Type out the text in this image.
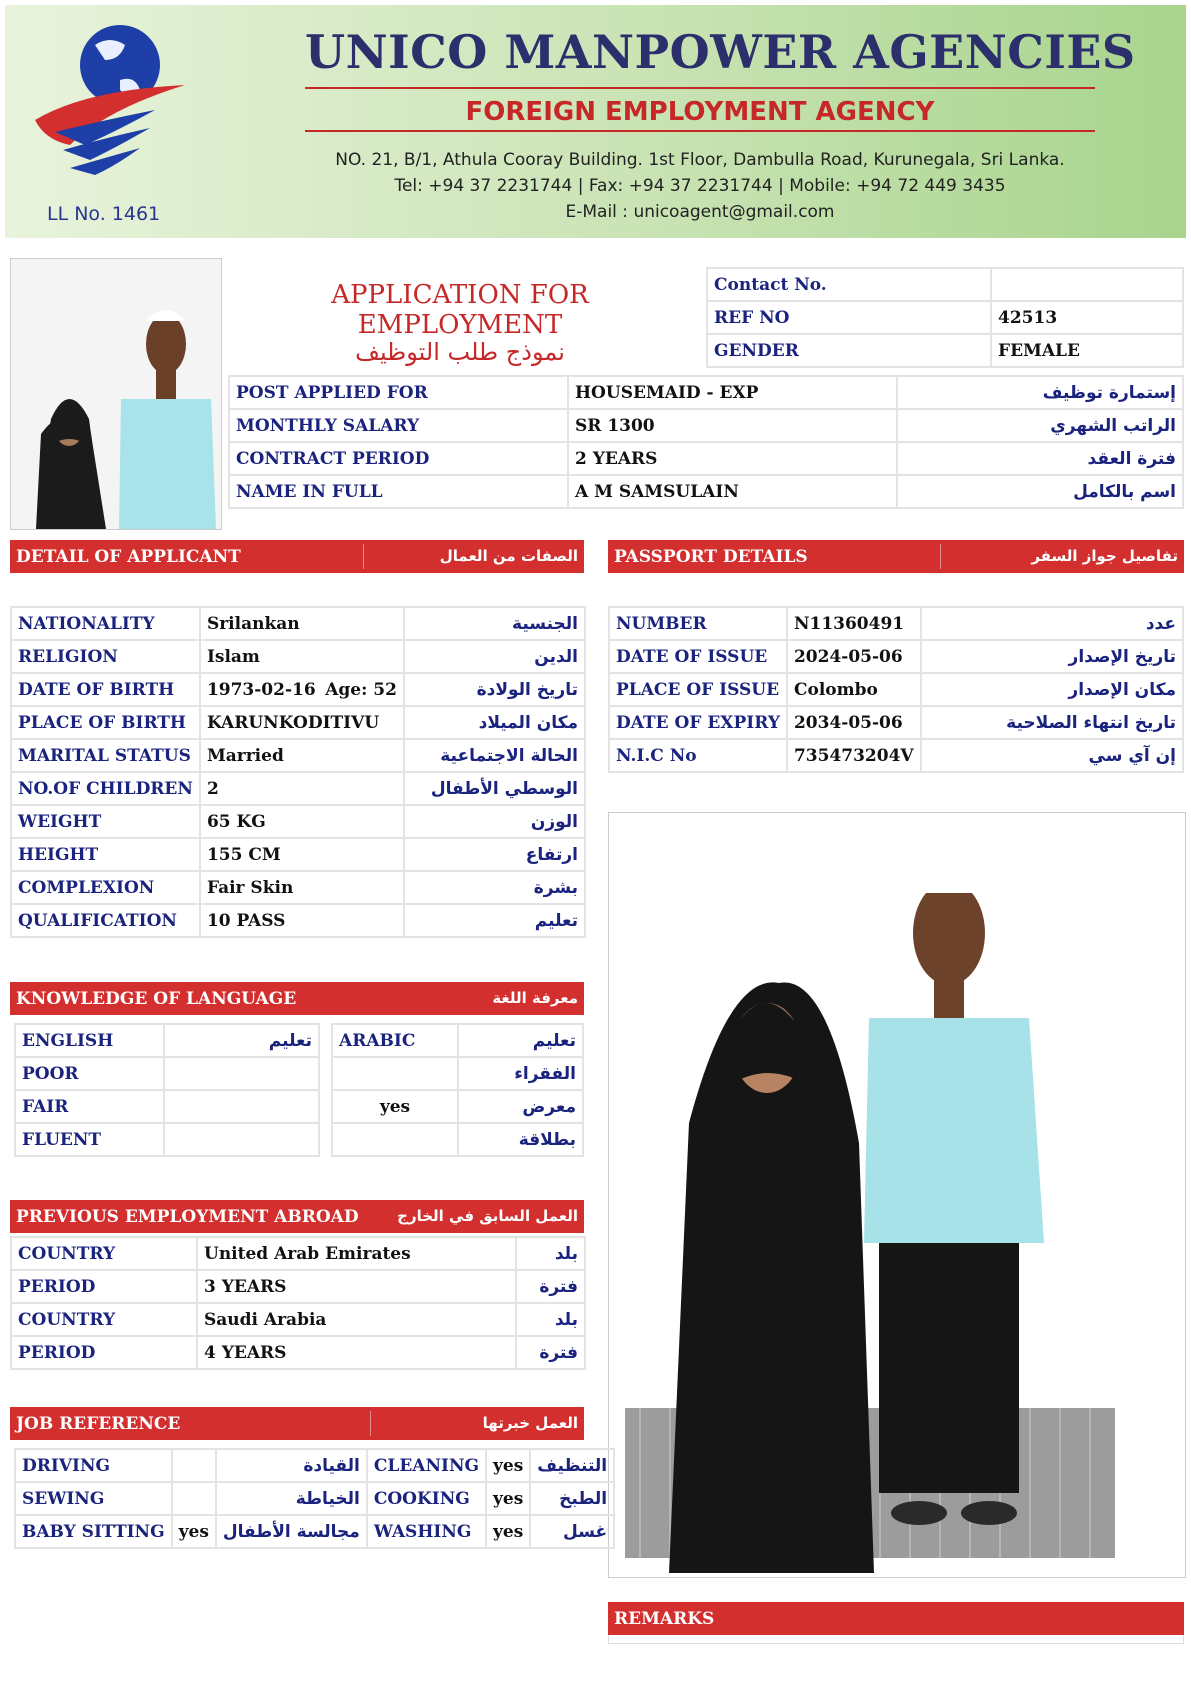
LL No. 1461
UNICO MANPOWER AGENCIES
FOREIGN EMPLOYMENT AGENCY
NO. 21, B/1, Athula Cooray Building. 1st Floor, Dambulla Road, Kurunegala, Sri Lanka.
Tel: +94 37 2231744 | Fax: +94 37 2231744 | Mobile: +94 72 449 3435
E-Mail : unicoagent@gmail.com
APPLICATION FOR EMPLOYMENT
نموذج طلب التوظيف
Contact No.	
REF NO	42513
GENDER	FEMALE
POST APPLIED FOR	HOUSEMAID - EXP	إستمارة توظيف
MONTHLY SALARY	SR 1300	الراتب الشهري
CONTRACT PERIOD	2 YEARS	فترة العقد
NAME IN FULL	A M SAMSULAIN	اسم بالكامل
DETAIL OF APPLICANT	الصفات من العمال
NATIONALITY	Srilankan	الجنسية
RELIGION	Islam	الدين
DATE OF BIRTH	1973-02-16 Age: 52	تاريخ الولادة
PLACE OF BIRTH	KARUNKODITIVU	مكان الميلاد
MARITAL STATUS	Married	الحالة الاجتماعية
NO.OF CHILDREN	2	الوسطي الأطفال
WEIGHT	65 KG	الوزن
HEIGHT	155 CM	ارتفاع
COMPLEXION	Fair Skin	بشرة
QUALIFICATION	10 PASS	تعليم
PASSPORT DETAILS	تفاصيل جواز السفر
NUMBER	N11360491	عدد
DATE OF ISSUE	2024-05-06	تاريخ الإصدار
PLACE OF ISSUE	Colombo	مكان الإصدار
DATE OF EXPIRY	2034-05-06	تاريخ انتهاء الصلاحية
N.I.C No	735473204V	إن آي سي
KNOWLEDGE OF LANGUAGE	معرفة اللغة
ENGLISH	تعليم
POOR	
FAIR	
FLUENT	
ARABIC	تعليم
	الفقراء
yes	معرض
	بطلاقة
PREVIOUS EMPLOYMENT ABROAD	العمل السابق في الخارج
COUNTRY	United Arab Emirates	بلد
PERIOD	3 YEARS	فترة
COUNTRY	Saudi Arabia	بلد
PERIOD	4 YEARS	فترة
JOB REFERENCE	العمل خبرتها
DRIVING		القيادة	CLEANING	yes	التنظيف
SEWING		الخياطة	COOKING	yes	الطبخ
BABY SITTING	yes	مجالسة الأطفال	WASHING	yes	غسل
REMARKS
